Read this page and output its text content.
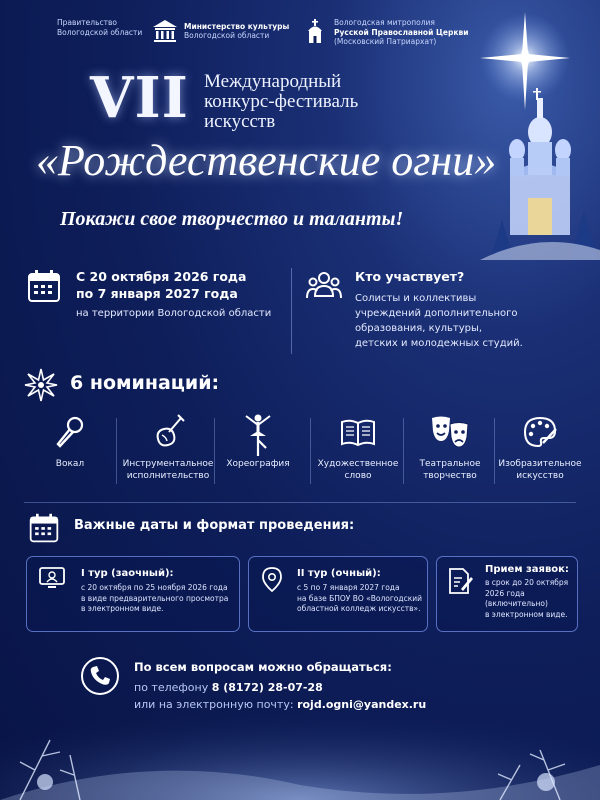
Правительство
Вологодской области
Министерство культуры
Вологодской области
Вологодская митрополия
Русской Православной Церкви
(Московский Патриархат)
VII Международный
конкурс-фестиваль
искусств
«Рождественские огни»
Покажи свое творчество и таланты!
С 20 октября 2026 года
по 7 января 2027 года
на территории Вологодской области
Кто участвует?
Солисты и коллективы
учреждений дополнительного
образования, культуры,
детских и молодежных студий.
6 номинаций:
Вокал	Инструментальное
исполнительство
Хореография	Художественное
слово
Театральное
творчество
Изобразительное
искусство
Важные даты и формат проведения:
I тур (заочный):
с 20 октября по 25 ноября 2026 года
в виде предварительного просмотра
в электронном виде.
II тур (очный):
с 5 по 7 января 2027 года
на базе БПОУ ВО «Вологодский
областной колледж искусств».
Прием заявок:
в срок до 20 октября
2026 года
(включительно)
в электронном виде.
По всем вопросам можно обращаться:
по телефону 8 (8172) 28-07-28
или на электронную почту: rojd.ogni@yandex.ru
